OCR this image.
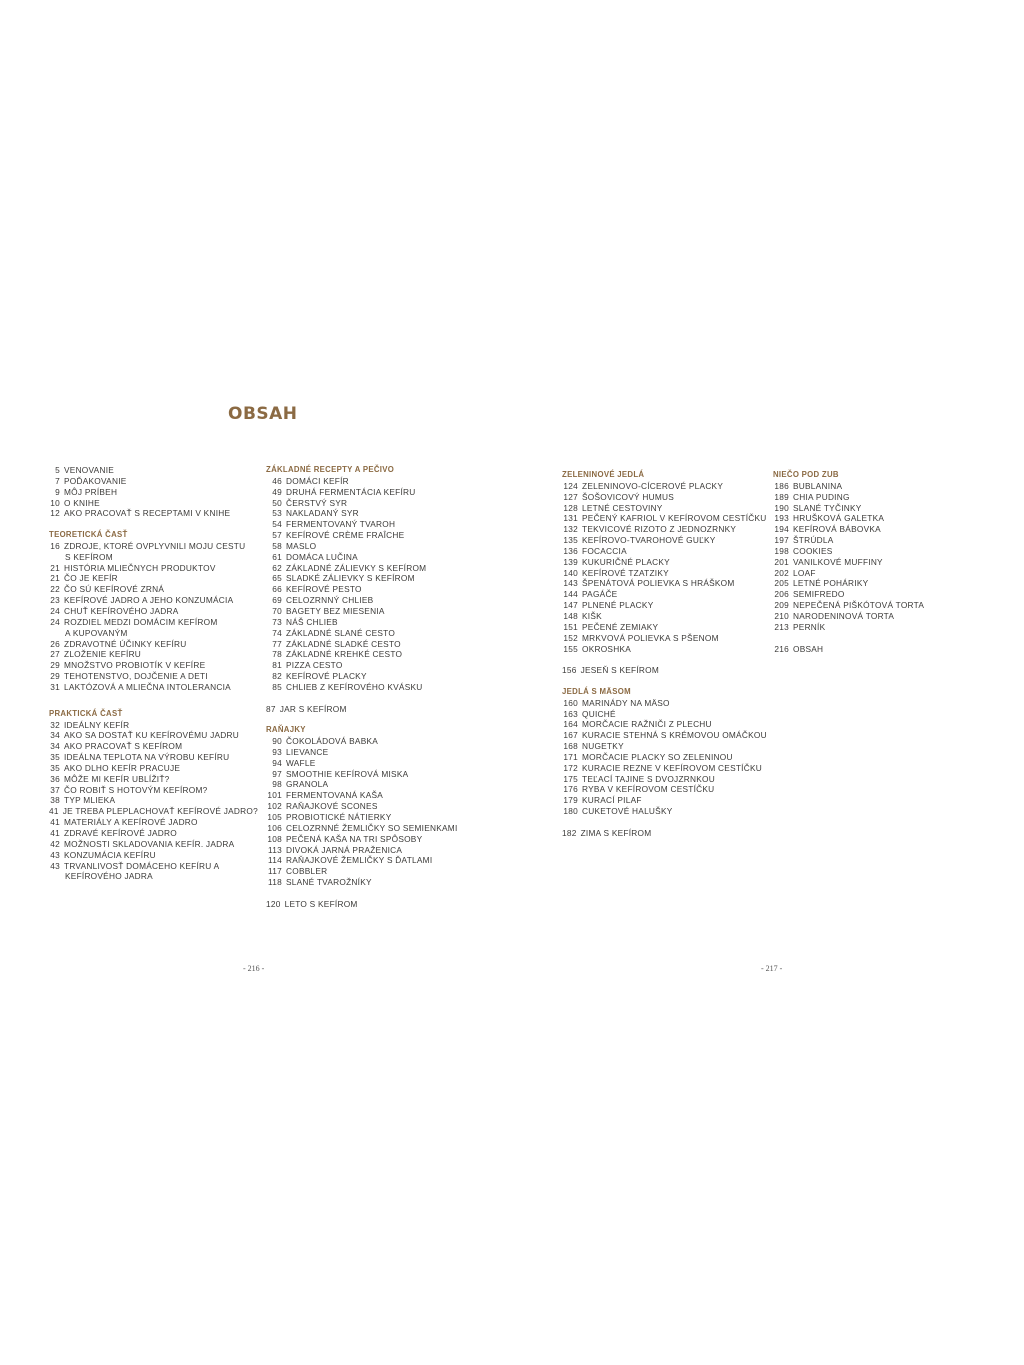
OBSAH
5 VENOVANIE
7 POĎAKOVANIE
9 MÔJ PRÍBEH
10 O KNIHE
12 AKO PRACOVAŤ S RECEPTAMI V KNIHE
TEORETICKÁ ČASŤ
16 ZDROJE, KTORÉ OVPLYVNILI MOJU CESTU
S KEFÍROM
21 HISTÓRIA MLIEČNYCH PRODUKTOV
21 ČO JE KEFÍR
22 ČO SÚ KEFÍROVÉ ZRNÁ
23 KEFÍROVÉ JADRO A JEHO KONZUMÁCIA
24 CHUŤ KEFÍROVÉHO JADRA
24 ROZDIEL MEDZI DOMÁCIM KEFÍROM
A KUPOVANÝM
26 ZDRAVOTNÉ ÚČINKY KEFÍRU
27 ZLOŽENIE KEFÍRU
29 MNOŽSTVO PROBIOTÍK V KEFÍRE
29 TEHOTENSTVO, DOJČENIE A DETI
31 LAKTÓZOVÁ A MLIEČNA INTOLERANCIA
PRAKTICKÁ ČASŤ
32 IDEÁLNY KEFÍR
34 AKO SA DOSTAŤ KU KEFÍROVÉMU JADRU
34 AKO PRACOVAŤ S KEFÍROM
35 IDEÁLNA TEPLOTA NA VÝROBU KEFÍRU
35 AKO DLHO KEFÍR PRACUJE
36 MÔŽE MI KEFÍR UBLÍŽIŤ?
37 ČO ROBIŤ S HOTOVÝM KEFÍROM?
38 TYP MLIEKA
41 JE TREBA PLEPLACHOVAŤ KEFÍROVÉ JADRO?
41 MATERIÁLY A KEFÍROVÉ JADRO
41 ZDRAVÉ KEFÍROVÉ JADRO
42 MOŽNOSTI SKLADOVANIA KEFÍR. JADRA
43 KONZUMÁCIA KEFÍRU
43 TRVANLIVOSŤ DOMÁCEHO KEFÍRU A
KEFÍROVÉHO JADRA
ZÁKLADNÉ RECEPTY A PEČIVO
46 DOMÁCI KEFÍR
49 DRUHÁ FERMENTÁCIA KEFÍRU
50 ČERSTVÝ SYR
53 NAKLADANÝ SYR
54 FERMENTOVANÝ TVAROH
57 KEFÍROVÉ CRÈME FRAÎCHE
58 MASLO
61 DOMÁCA LUČINA
62 ZÁKLADNÉ ZÁLIEVKY S KEFÍROM
65 SLADKÉ ZÁLIEVKY S KEFÍROM
66 KEFÍROVÉ PESTO
69 CELOZRNNÝ CHLIEB
70 BAGETY BEZ MIESENIA
73 NÁŠ CHLIEB
74 ZÁKLADNÉ SLANÉ CESTO
77 ZÁKLADNÉ SLADKÉ CESTO
78 ZÁKLADNÉ KREHKÉ CESTO
81 PIZZA CESTO
82 KEFÍROVÉ PLACKY
85 CHLIEB Z KEFÍROVÉHO KVÁSKU
87 JAR S KEFÍROM
RAŇAJKY
90 ČOKOLÁDOVÁ BABKA
93 LIEVANCE
94 WAFLE
97 SMOOTHIE KEFÍROVÁ MISKA
98 GRANOLA
101 FERMENTOVANÁ KAŠA
102 RAŇAJKOVÉ SCONES
105 PROBIOTICKÉ NÁTIERKY
106 CELOZRNNÉ ŽEMLIČKY SO SEMIENKAMI
108 PEČENÁ KAŠA NA TRI SPÔSOBY
113 DIVOKÁ JARNÁ PRAŽENICA
114 RAŇAJKOVÉ ŽEMLIČKY S ĎATLAMI
117 COBBLER
118 SLANÉ TVAROŽNÍKY
120 LETO S KEFÍROM
ZELENINOVÉ JEDLÁ
124 ZELENINOVO-CÍCEROVÉ PLACKY
127 ŠOŠOVICOVÝ HUMUS
128 LETNÉ CESTOVINY
131 PEČENÝ KAFRIOL V KEFÍROVOM CESTÍČKU
132 TEKVICOVÉ RIZOTO Z JEDNOZRNKY
135 KEFÍROVO-TVAROHOVÉ GUĽKY
136 FOCACCIA
139 KUKURIČNÉ PLACKY
140 KEFÍROVÉ TZATZIKY
143 ŠPENÁTOVÁ POLIEVKA S HRÁŠKOM
144 PAGÁČE
147 PLNENÉ PLACKY
148 KIŠK
151 PEČENÉ ZEMIAKY
152 MRKVOVÁ POLIEVKA S PŠENOM
155 OKROSHKA
156 JESEŇ S KEFÍROM
JEDLÁ S MÄSOM
160 MARINÁDY NA MÄSO
163 QUICHÉ
164 MORČACIE RAŽNIČI Z PLECHU
167 KURACIE STEHNÁ S KRÉMOVOU OMÁČKOU
168 NUGETKY
171 MORČACIE PLACKY SO ZELENINOU
172 KURACIE REZNE V KEFÍROVOM CESTÍČKU
175 TEĽACÍ TAJINE S DVOJZRNKOU
176 RYBA V KEFÍROVOM CESTÍČKU
179 KURACÍ PILAF
180 CUKETOVÉ HALUŠKY
182 ZIMA S KEFÍROM
NIEČO POD ZUB
186 BUBLANINA
189 CHIA PUDING
190 SLANÉ TYČINKY
193 HRUŠKOVÁ GALETKA
194 KEFÍROVÁ BÁBOVKA
197 ŠTRÚDLA
198 COOKIES
201 VANILKOVÉ MUFFINY
202 LOAF
205 LETNÉ POHÁRIKY
206 SEMIFREDO
209 NEPEČENÁ PIŠKÓTOVÁ TORTA
210 NARODENINOVÁ TORTA
213 PERNÍK
216 OBSAH
- 216 -	- 217 -
